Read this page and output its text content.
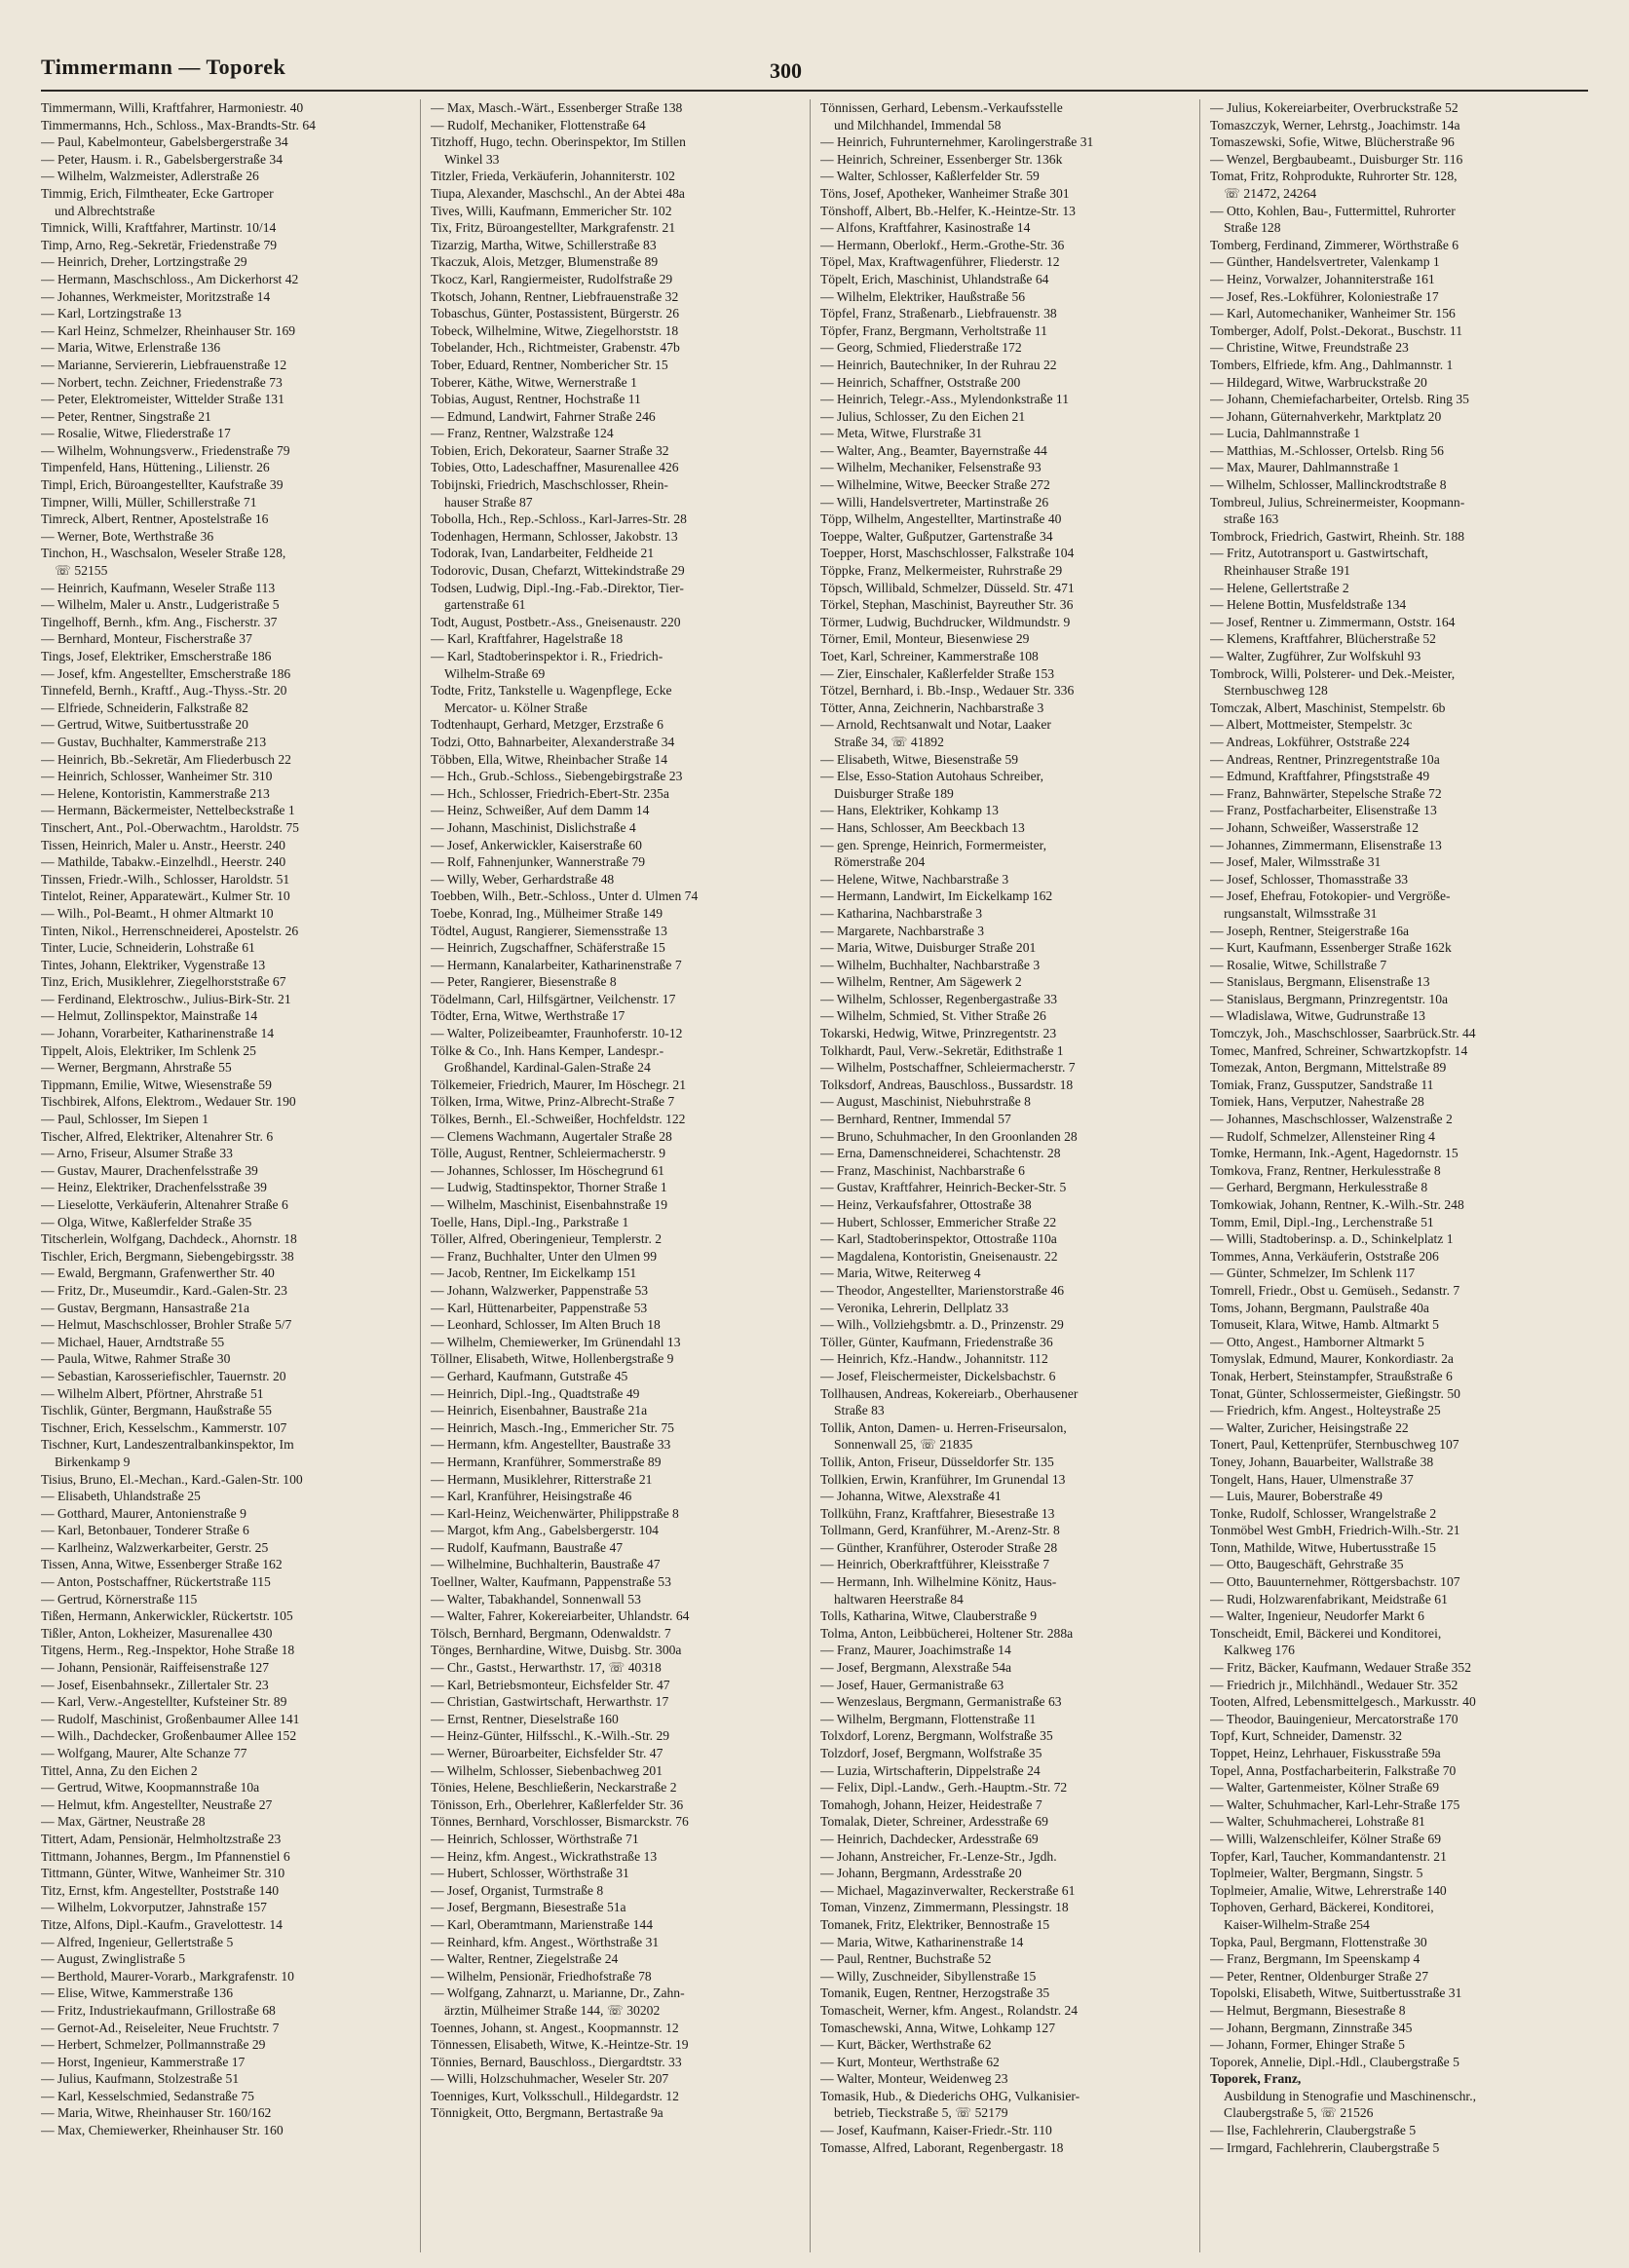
Timmermann — Toporek	300
Timmermann, Willi, Kraftfahrer, Harmoniestr. 40
Timmermanns, Hch., Schloss., Max-Brandts-Str. 64
— Paul, Kabelmonteur, Gabelsbergerstraße 34
— Peter, Hausm. i. R., Gabelsbergerstraße 34
— Wilhelm, Walzmeister, Adlerstraße 26
Timmig, Erich, Filmtheater, Ecke Gartroper
und Albrechtstraße
Timnick, Willi, Kraftfahrer, Martinstr. 10/14
Timp, Arno, Reg.-Sekretär, Friedenstraße 79
— Heinrich, Dreher, Lortzingstraße 29
— Hermann, Maschschloss., Am Dickerhorst 42
— Johannes, Werkmeister, Moritzstraße 14
— Karl, Lortzingstraße 13
— Karl Heinz, Schmelzer, Rheinhauser Str. 169
— Maria, Witwe, Erlenstraße 136
— Marianne, Serviererin, Liebfrauenstraße 12
— Norbert, techn. Zeichner, Friedenstraße 73
— Peter, Elektromeister, Wittelder Straße 131
— Peter, Rentner, Singstraße 21
— Rosalie, Witwe, Fliederstraße 17
— Wilhelm, Wohnungsverw., Friedenstraße 79
Timpenfeld, Hans, Hüttening., Lilienstr. 26
Timpl, Erich, Büroangestellter, Kaufstraße 39
Timpner, Willi, Müller, Schillerstraße 71
Timreck, Albert, Rentner, Apostelstraße 16
— Werner, Bote, Werthstraße 36
Tinchon, H., Waschsalon, Weseler Straße 128,
☏ 52155
— Heinrich, Kaufmann, Weseler Straße 113
— Wilhelm, Maler u. Anstr., Ludgeristraße 5
Tingelhoff, Bernh., kfm. Ang., Fischerstr. 37
— Bernhard, Monteur, Fischerstraße 37
Tings, Josef, Elektriker, Emscherstraße 186
— Josef, kfm. Angestellter, Emscherstraße 186
Tinnefeld, Bernh., Kraftf., Aug.-Thyss.-Str. 20
— Elfriede, Schneiderin, Falkstraße 82
— Gertrud, Witwe, Suitbertusstraße 20
— Gustav, Buchhalter, Kammerstraße 213
— Heinrich, Bb.-Sekretär, Am Fliederbusch 22
— Heinrich, Schlosser, Wanheimer Str. 310
— Helene, Kontoristin, Kammerstraße 213
— Hermann, Bäckermeister, Nettelbeckstraße 1
Tinschert, Ant., Pol.-Oberwachtm., Haroldstr. 75
Tissen, Heinrich, Maler u. Anstr., Heerstr. 240
— Mathilde, Tabakw.-Einzelhdl., Heerstr. 240
Tinssen, Friedr.-Wilh., Schlosser, Haroldstr. 51
Tintelot, Reiner, Apparatewärt., Kulmer Str. 10
— Wilh., Pol-Beamt., H ohmer Altmarkt 10
Tinten, Nikol., Herrenschneiderei, Apostelstr. 26
Tinter, Lucie, Schneiderin, Lohstraße 61
Tintes, Johann, Elektriker, Vygenstraße 13
Tinz, Erich, Musiklehrer, Ziegelhorststraße 67
— Ferdinand, Elektroschw., Julius-Birk-Str. 21
— Helmut, Zollinspektor, Mainstraße 14
— Johann, Vorarbeiter, Katharinenstraße 14
Tippelt, Alois, Elektriker, Im Schlenk 25
— Werner, Bergmann, Ahrstraße 55
Tippmann, Emilie, Witwe, Wiesenstraße 59
Tischbirek, Alfons, Elektrom., Wedauer Str. 190
— Paul, Schlosser, Im Siepen 1
Tischer, Alfred, Elektriker, Altenahrer Str. 6
— Arno, Friseur, Alsumer Straße 33
— Gustav, Maurer, Drachenfelsstraße 39
— Heinz, Elektriker, Drachenfelsstraße 39
— Lieselotte, Verkäuferin, Altenahrer Straße 6
— Olga, Witwe, Kaßlerfelder Straße 35
Titscherlein, Wolfgang, Dachdeck., Ahornstr. 18
Tischler, Erich, Bergmann, Siebengebirgsstr. 38
— Ewald, Bergmann, Grafenwerther Str. 40
— Fritz, Dr., Museumdir., Kard.-Galen-Str. 23
— Gustav, Bergmann, Hansastraße 21a
— Helmut, Maschschlosser, Brohler Straße 5/7
— Michael, Hauer, Arndtstraße 55
— Paula, Witwe, Rahmer Straße 30
— Sebastian, Karosseriefischler, Tauernstr. 20
— Wilhelm Albert, Pförtner, Ahrstraße 51
Tischlik, Günter, Bergmann, Haußstraße 55
Tischner, Erich, Kesselschm., Kammerstr. 107
Tischner, Kurt, Landeszentralbankinspektor, Im
Birkenkamp 9
Tisius, Bruno, El.-Mechan., Kard.-Galen-Str. 100
— Elisabeth, Uhlandstraße 25
— Gotthard, Maurer, Antonienstraße 9
— Karl, Betonbauer, Tonderer Straße 6
— Karlheinz, Walzwerkarbeiter, Gerstr. 25
Tissen, Anna, Witwe, Essenberger Straße 162
— Anton, Postschaffner, Rückertstraße 115
— Gertrud, Körnerstraße 115
Tißen, Hermann, Ankerwickler, Rückertstr. 105
Tißler, Anton, Lokheizer, Masurenallee 430
Titgens, Herm., Reg.-Inspektor, Hohe Straße 18
— Johann, Pensionär, Raiffeisenstraße 127
— Josef, Eisenbahnsekr., Zillertaler Str. 23
— Karl, Verw.-Angestellter, Kufsteiner Str. 89
— Rudolf, Maschinist, Großenbaumer Allee 141
— Wilh., Dachdecker, Großenbaumer Allee 152
— Wolfgang, Maurer, Alte Schanze 77
Tittel, Anna, Zu den Eichen 2
— Gertrud, Witwe, Koopmannstraße 10a
— Helmut, kfm. Angestellter, Neustraße 27
— Max, Gärtner, Neustraße 28
Tittert, Adam, Pensionär, Helmholtzstraße 23
Tittmann, Johannes, Bergm., Im Pfannenstiel 6
Tittmann, Günter, Witwe, Wanheimer Str. 310
Titz, Ernst, kfm. Angestellter, Poststraße 140
— Wilhelm, Lokvorputzer, Jahnstraße 157
Titze, Alfons, Dipl.-Kaufm., Gravelottestr. 14
— Alfred, Ingenieur, Gellertstraße 5
— August, Zwinglistraße 5
— Berthold, Maurer-Vorarb., Markgrafenstr. 10
— Elise, Witwe, Kammerstraße 136
— Fritz, Industriekaufmann, Grillostraße 68
— Gernot-Ad., Reiseleiter, Neue Fruchtstr. 7
— Herbert, Schmelzer, Pollmannstraße 29
— Horst, Ingenieur, Kammerstraße 17
— Julius, Kaufmann, Stolzestraße 51
— Karl, Kesselschmied, Sedanstraße 75
— Maria, Witwe, Rheinhauser Str. 160/162
— Max, Chemiewerker, Rheinhauser Str. 160
— Max, Masch.-Wärt., Essenberger Straße 138
— Rudolf, Mechaniker, Flottenstraße 64
Titzhoff, Hugo, techn. Oberinspektor, Im Stillen
Winkel 33
Titzler, Frieda, Verkäuferin, Johanniterstr. 102
Tiupa, Alexander, Maschschl., An der Abtei 48a
Tives, Willi, Kaufmann, Emmericher Str. 102
Tix, Fritz, Büroangestellter, Markgrafenstr. 21
Tizarzig, Martha, Witwe, Schillerstraße 83
Tkaczuk, Alois, Metzger, Blumenstraße 89
Tkocz, Karl, Rangiermeister, Rudolfstraße 29
Tkotsch, Johann, Rentner, Liebfrauenstraße 32
Tobaschus, Günter, Postassistent, Bürgerstr. 26
Tobeck, Wilhelmine, Witwe, Ziegelhorststr. 18
Tobelander, Hch., Richtmeister, Grabenstr. 47b
Tober, Eduard, Rentner, Nombericher Str. 15
Toberer, Käthe, Witwe, Wernerstraße 1
Tobias, August, Rentner, Hochstraße 11
— Edmund, Landwirt, Fahrner Straße 246
— Franz, Rentner, Walzstraße 124
Tobien, Erich, Dekorateur, Saarner Straße 32
Tobies, Otto, Ladeschaffner, Masurenallee 426
Tobijnski, Friedrich, Maschschlosser, Rhein-
hauser Straße 87
Tobolla, Hch., Rep.-Schloss., Karl-Jarres-Str. 28
Todenhagen, Hermann, Schlosser, Jakobstr. 13
Todorak, Ivan, Landarbeiter, Feldheide 21
Todorovic, Dusan, Chefarzt, Wittekindstraße 29
Todsen, Ludwig, Dipl.-Ing.-Fab.-Direktor, Tier-
gartenstraße 61
Todt, August, Postbetr.-Ass., Gneisenaustr. 220
— Karl, Kraftfahrer, Hagelstraße 18
— Karl, Stadtoberinspektor i. R., Friedrich-
Wilhelm-Straße 69
Todte, Fritz, Tankstelle u. Wagenpflege, Ecke
Mercator- u. Kölner Straße
Todtenhaupt, Gerhard, Metzger, Erzstraße 6
Todzi, Otto, Bahnarbeiter, Alexanderstraße 34
Többen, Ella, Witwe, Rheinbacher Straße 14
— Hch., Grub.-Schloss., Siebengebirgstraße 23
— Hch., Schlosser, Friedrich-Ebert-Str. 235a
— Heinz, Schweißer, Auf dem Damm 14
— Johann, Maschinist, Dislichstraße 4
— Josef, Ankerwickler, Kaiserstraße 60
— Rolf, Fahnenjunker, Wannerstraße 79
— Willy, Weber, Gerhardstraße 48
Toebben, Wilh., Betr.-Schloss., Unter d. Ulmen 74
Toebe, Konrad, Ing., Mülheimer Straße 149
Tödtel, August, Rangierer, Siemensstraße 13
— Heinrich, Zugschaffner, Schäferstraße 15
— Hermann, Kanalarbeiter, Katharinenstraße 7
— Peter, Rangierer, Biesenstraße 8
Tödelmann, Carl, Hilfsgärtner, Veilchenstr. 17
Tödter, Erna, Witwe, Werthstraße 17
— Walter, Polizeibeamter, Fraunhoferstr. 10-12
Tölke & Co., Inh. Hans Kemper, Landespr.-
Großhandel, Kardinal-Galen-Straße 24
Tölkemeier, Friedrich, Maurer, Im Höschegr. 21
Tölken, Irma, Witwe, Prinz-Albrecht-Straße 7
Tölkes, Bernh., El.-Schweißer, Hochfeldstr. 122
— Clemens Wachmann, Augertaler Straße 28
Tölle, August, Rentner, Schleiermacherstr. 9
— Johannes, Schlosser, Im Höschegrund 61
— Ludwig, Stadtinspektor, Thorner Straße 1
— Wilhelm, Maschinist, Eisenbahnstraße 19
Toelle, Hans, Dipl.-Ing., Parkstraße 1
Töller, Alfred, Oberingenieur, Templerstr. 2
— Franz, Buchhalter, Unter den Ulmen 99
— Jacob, Rentner, Im Eickelkamp 151
— Johann, Walzwerker, Pappenstraße 53
— Karl, Hüttenarbeiter, Pappenstraße 53
— Leonhard, Schlosser, Im Alten Bruch 18
— Wilhelm, Chemiewerker, Im Grünendahl 13
Töllner, Elisabeth, Witwe, Hollenbergstraße 9
— Gerhard, Kaufmann, Gutstraße 45
— Heinrich, Dipl.-Ing., Quadtstraße 49
— Heinrich, Eisenbahner, Baustraße 21a
— Heinrich, Masch.-Ing., Emmericher Str. 75
— Hermann, kfm. Angestellter, Baustraße 33
— Hermann, Kranführer, Sommerstraße 89
— Hermann, Musiklehrer, Ritterstraße 21
— Karl, Kranführer, Heisingstraße 46
— Karl-Heinz, Weichenwärter, Philippstraße 8
— Margot, kfm Ang., Gabelsbergerstr. 104
— Rudolf, Kaufmann, Baustraße 47
— Wilhelmine, Buchhalterin, Baustraße 47
Toellner, Walter, Kaufmann, Pappenstraße 53
— Walter, Tabakhandel, Sonnenwall 53
— Walter, Fahrer, Kokereiarbeiter, Uhlandstr. 64
Tölsch, Bernhard, Bergmann, Odenwaldstr. 7
Tönges, Bernhardine, Witwe, Duisbg. Str. 300a
— Chr., Gastst., Herwarthstr. 17, ☏ 40318
— Karl, Betriebsmonteur, Eichsfelder Str. 47
— Christian, Gastwirtschaft, Herwarthstr. 17
— Ernst, Rentner, Dieselstraße 160
— Heinz-Günter, Hilfsschl., K.-Wilh.-Str. 29
— Werner, Büroarbeiter, Eichsfelder Str. 47
— Wilhelm, Schlosser, Siebenbachweg 201
Tönies, Helene, Beschließerin, Neckarstraße 2
Tönisson, Erh., Oberlehrer, Kaßlerfelder Str. 36
Tönnes, Bernhard, Vorschlosser, Bismarckstr. 76
— Heinrich, Schlosser, Wörthstraße 71
— Heinz, kfm. Angest., Wickrathstraße 13
— Hubert, Schlosser, Wörthstraße 31
— Josef, Organist, Turmstraße 8
— Josef, Bergmann, Biesestraße 51a
— Karl, Oberamtmann, Marienstraße 144
— Reinhard, kfm. Angest., Wörthstraße 31
— Walter, Rentner, Ziegelstraße 24
— Wilhelm, Pensionär, Friedhofstraße 78
— Wolfgang, Zahnarzt, u. Marianne, Dr., Zahn-
ärztin, Mülheimer Straße 144, ☏ 30202
Toennes, Johann, st. Angest., Koopmannstr. 12
Tönnessen, Elisabeth, Witwe, K.-Heintze-Str. 19
Tönnies, Bernard, Bauschloss., Diergardtstr. 33
— Willi, Holzschuhmacher, Weseler Str. 207
Toenniges, Kurt, Volksschull., Hildegardstr. 12
Tönnigkeit, Otto, Bergmann, Bertastraße 9a
Tönnissen, Gerhard, Lebensm.-Verkaufsstelle
und Milchhandel, Immendal 58
— Heinrich, Fuhrunternehmer, Karolingerstraße 31
— Heinrich, Schreiner, Essenberger Str. 136k
— Walter, Schlosser, Kaßlerfelder Str. 59
Töns, Josef, Apotheker, Wanheimer Straße 301
Tönshoff, Albert, Bb.-Helfer, K.-Heintze-Str. 13
— Alfons, Kraftfahrer, Kasinostraße 14
— Hermann, Oberlokf., Herm.-Grothe-Str. 36
Töpel, Max, Kraftwagenführer, Fliederstr. 12
Töpelt, Erich, Maschinist, Uhlandstraße 64
— Wilhelm, Elektriker, Haußstraße 56
Töpfel, Franz, Straßenarb., Liebfrauenstr. 38
Töpfer, Franz, Bergmann, Verholtstraße 11
— Georg, Schmied, Fliederstraße 172
— Heinrich, Bautechniker, In der Ruhrau 22
— Heinrich, Schaffner, Oststraße 200
— Heinrich, Telegr.-Ass., Mylendonkstraße 11
— Julius, Schlosser, Zu den Eichen 21
— Meta, Witwe, Flurstraße 31
— Walter, Ang., Beamter, Bayernstraße 44
— Wilhelm, Mechaniker, Felsenstraße 93
— Wilhelmine, Witwe, Beecker Straße 272
— Willi, Handelsvertreter, Martinstraße 26
Töpp, Wilhelm, Angestellter, Martinstraße 40
Toeppe, Walter, Gußputzer, Gartenstraße 34
Toepper, Horst, Maschschlosser, Falkstraße 104
Töppke, Franz, Melkermeister, Ruhrstraße 29
Töpsch, Willibald, Schmelzer, Düsseld. Str. 471
Törkel, Stephan, Maschinist, Bayreuther Str. 36
Törmer, Ludwig, Buchdrucker, Wildmundstr. 9
Törner, Emil, Monteur, Biesenwiese 29
Toet, Karl, Schreiner, Kammerstraße 108
— Zier, Einschaler, Kaßlerfelder Straße 153
Tötzel, Bernhard, i. Bb.-Insp., Wedauer Str. 336
Tötter, Anna, Zeichnerin, Nachbarstraße 3
— Arnold, Rechtsanwalt und Notar, Laaker
Straße 34, ☏ 41892
— Elisabeth, Witwe, Biesenstraße 59
— Else, Esso-Station Autohaus Schreiber,
Duisburger Straße 189
— Hans, Elektriker, Kohkamp 13
— Hans, Schlosser, Am Beeckbach 13
— gen. Sprenge, Heinrich, Formermeister,
Römerstraße 204
— Helene, Witwe, Nachbarstraße 3
— Hermann, Landwirt, Im Eickelkamp 162
— Katharina, Nachbarstraße 3
— Margarete, Nachbarstraße 3
— Maria, Witwe, Duisburger Straße 201
— Wilhelm, Buchhalter, Nachbarstraße 3
— Wilhelm, Rentner, Am Sägewerk 2
— Wilhelm, Schlosser, Regenbergastraße 33
— Wilhelm, Schmied, St. Vither Straße 26
Tokarski, Hedwig, Witwe, Prinzregentstr. 23
Tolkhardt, Paul, Verw.-Sekretär, Edithstraße 1
— Wilhelm, Postschaffner, Schleiermacherstr. 7
Tolksdorf, Andreas, Bauschloss., Bussardstr. 18
— August, Maschinist, Niebuhrstraße 8
— Bernhard, Rentner, Immendal 57
— Bruno, Schuhmacher, In den Groonlanden 28
— Erna, Damenschneiderei, Schachtenstr. 28
— Franz, Maschinist, Nachbarstraße 6
— Gustav, Kraftfahrer, Heinrich-Becker-Str. 5
— Heinz, Verkaufsfahrer, Ottostraße 38
— Hubert, Schlosser, Emmericher Straße 22
— Karl, Stadtoberinspektor, Ottostraße 110a
— Magdalena, Kontoristin, Gneisenaustr. 22
— Maria, Witwe, Reiterweg 4
— Theodor, Angestellter, Marienstorstraße 46
— Veronika, Lehrerin, Dellplatz 33
— Wilh., Vollziehgsbmtr. a. D., Prinzenstr. 29
Töller, Günter, Kaufmann, Friedenstraße 36
— Heinrich, Kfz.-Handw., Johannitstr. 112
— Josef, Fleischermeister, Dickelsbachstr. 6
Tollhausen, Andreas, Kokereiarb., Oberhausener
Straße 83
Tollik, Anton, Damen- u. Herren-Friseursalon,
Sonnenwall 25, ☏ 21835
Tollik, Anton, Friseur, Düsseldorfer Str. 135
Tollkien, Erwin, Kranführer, Im Grunendal 13
— Johanna, Witwe, Alexstraße 41
Tollkühn, Franz, Kraftfahrer, Biesestraße 13
Tollmann, Gerd, Kranführer, M.-Arenz-Str. 8
— Günther, Kranführer, Osteroder Straße 28
— Heinrich, Oberkraftführer, Kleisstraße 7
— Hermann, Inh. Wilhelmine Könitz, Haus-
haltwaren Heerstraße 84
Tolls, Katharina, Witwe, Clauberstraße 9
Tolma, Anton, Leibbücherei, Holtener Str. 288a
— Franz, Maurer, Joachimstraße 14
— Josef, Bergmann, Alexstraße 54a
— Josef, Hauer, Germanistraße 63
— Wenzeslaus, Bergmann, Germanistraße 63
— Wilhelm, Bergmann, Flottenstraße 11
Tolxdorf, Lorenz, Bergmann, Wolfstraße 35
Tolzdorf, Josef, Bergmann, Wolfstraße 35
— Luzia, Wirtschafterin, Dippelstraße 24
— Felix, Dipl.-Landw., Gerh.-Hauptm.-Str. 72
Tomahogh, Johann, Heizer, Heidestraße 7
Tomalak, Dieter, Schreiner, Ardesstraße 69
— Heinrich, Dachdecker, Ardesstraße 69
— Johann, Anstreicher, Fr.-Lenze-Str., Jgdh.
— Johann, Bergmann, Ardesstraße 20
— Michael, Magazinverwalter, Reckerstraße 61
Toman, Vinzenz, Zimmermann, Plessingstr. 18
Tomanek, Fritz, Elektriker, Bennostraße 15
— Maria, Witwe, Katharinenstraße 14
— Paul, Rentner, Buchstraße 52
— Willy, Zuschneider, Sibyllenstraße 15
Tomanik, Eugen, Rentner, Herzogstraße 35
Tomascheit, Werner, kfm. Angest., Rolandstr. 24
Tomaschewski, Anna, Witwe, Lohkamp 127
— Kurt, Bäcker, Werthstraße 62
— Kurt, Monteur, Werthstraße 62
— Walter, Monteur, Weidenweg 23
Tomasik, Hub., & Diederichs OHG, Vulkanisier-
betrieb, Tieckstraße 5, ☏ 52179
— Josef, Kaufmann, Kaiser-Friedr.-Str. 110
Tomasse, Alfred, Laborant, Regenbergastr. 18
— Julius, Kokereiarbeiter, Overbruckstraße 52
Tomaszczyk, Werner, Lehrstg., Joachimstr. 14a
Tomaszewski, Sofie, Witwe, Blücherstraße 96
— Wenzel, Bergbaubeamt., Duisburger Str. 116
Tomat, Fritz, Rohprodukte, Ruhrorter Str. 128,
☏ 21472, 24264
— Otto, Kohlen, Bau-, Futtermittel, Ruhrorter
Straße 128
Tomberg, Ferdinand, Zimmerer, Wörthstraße 6
— Günther, Handelsvertreter, Valenkamp 1
— Heinz, Vorwalzer, Johanniterstraße 161
— Josef, Res.-Lokführer, Koloniestraße 17
— Karl, Automechaniker, Wanheimer Str. 156
Tomberger, Adolf, Polst.-Dekorat., Buschstr. 11
— Christine, Witwe, Freundstraße 23
Tombers, Elfriede, kfm. Ang., Dahlmannstr. 1
— Hildegard, Witwe, Warbruckstraße 20
— Johann, Chemiefacharbeiter, Ortelsb. Ring 35
— Johann, Güternahverkehr, Marktplatz 20
— Lucia, Dahlmannstraße 1
— Matthias, M.-Schlosser, Ortelsb. Ring 56
— Max, Maurer, Dahlmannstraße 1
— Wilhelm, Schlosser, Mallinckrodtstraße 8
Tombreul, Julius, Schreinermeister, Koopmann-
straße 163
Tombrock, Friedrich, Gastwirt, Rheinh. Str. 188
— Fritz, Autotransport u. Gastwirtschaft,
Rheinhauser Straße 191
— Helene, Gellertstraße 2
— Helene Bottin, Musfeldstraße 134
— Josef, Rentner u. Zimmermann, Oststr. 164
— Klemens, Kraftfahrer, Blücherstraße 52
— Walter, Zugführer, Zur Wolfskuhl 93
Tombrock, Willi, Polsterer- und Dek.-Meister,
Sternbuschweg 128
Tomczak, Albert, Maschinist, Stempelstr. 6b
— Albert, Mottmeister, Stempelstr. 3c
— Andreas, Lokführer, Oststraße 224
— Andreas, Rentner, Prinzregentstraße 10a
— Edmund, Kraftfahrer, Pfingststraße 49
— Franz, Bahnwärter, Stepelsche Straße 72
— Franz, Postfacharbeiter, Elisenstraße 13
— Johann, Schweißer, Wasserstraße 12
— Johannes, Zimmermann, Elisenstraße 13
— Josef, Maler, Wilmsstraße 31
— Josef, Schlosser, Thomasstraße 33
— Josef, Ehefrau, Fotokopier- und Vergröße-
rungsanstalt, Wilmsstraße 31
— Joseph, Rentner, Steigerstraße 16a
— Kurt, Kaufmann, Essenberger Straße 162k
— Rosalie, Witwe, Schillstraße 7
— Stanislaus, Bergmann, Elisenstraße 13
— Stanislaus, Bergmann, Prinzregentstr. 10a
— Wladislawa, Witwe, Gudrunstraße 13
Tomczyk, Joh., Maschschlosser, Saarbrück.Str. 44
Tomec, Manfred, Schreiner, Schwartzkopfstr. 14
Tomezak, Anton, Bergmann, Mittelstraße 89
Tomiak, Franz, Gussputzer, Sandstraße 11
Tomiek, Hans, Verputzer, Nahestraße 28
— Johannes, Maschschlosser, Walzenstraße 2
— Rudolf, Schmelzer, Allensteiner Ring 4
Tomke, Hermann, Ink.-Agent, Hagedornstr. 15
Tomkova, Franz, Rentner, Herkulesstraße 8
— Gerhard, Bergmann, Herkulesstraße 8
Tomkowiak, Johann, Rentner, K.-Wilh.-Str. 248
Tomm, Emil, Dipl.-Ing., Lerchenstraße 51
— Willi, Stadtoberinsp. a. D., Schinkelplatz 1
Tommes, Anna, Verkäuferin, Oststraße 206
— Günter, Schmelzer, Im Schlenk 117
Tomrell, Friedr., Obst u. Gemüseh., Sedanstr. 7
Toms, Johann, Bergmann, Paulstraße 40a
Tomuseit, Klara, Witwe, Hamb. Altmarkt 5
— Otto, Angest., Hamborner Altmarkt 5
Tomyslak, Edmund, Maurer, Konkordiastr. 2a
Tonak, Herbert, Steinstampfer, Straußstraße 6
Tonat, Günter, Schlossermeister, Gießingstr. 50
— Friedrich, kfm. Angest., Holteystraße 25
— Walter, Zuricher, Heisingstraße 22
Tonert, Paul, Kettenprüfer, Sternbuschweg 107
Toney, Johann, Bauarbeiter, Wallstraße 38
Tongelt, Hans, Hauer, Ulmenstraße 37
— Luis, Maurer, Boberstraße 49
Tonke, Rudolf, Schlosser, Wrangelstraße 2
Tonmöbel West GmbH, Friedrich-Wilh.-Str. 21
Tonn, Mathilde, Witwe, Hubertusstraße 15
— Otto, Baugeschäft, Gehrstraße 35
— Otto, Bauunternehmer, Röttgersbachstr. 107
— Rudi, Holzwarenfabrikant, Meidstraße 61
— Walter, Ingenieur, Neudorfer Markt 6
Tonscheidt, Emil, Bäckerei und Konditorei,
Kalkweg 176
— Fritz, Bäcker, Kaufmann, Wedauer Straße 352
— Friedrich jr., Milchhändl., Wedauer Str. 352
Tooten, Alfred, Lebensmittelgesch., Markusstr. 40
— Theodor, Bauingenieur, Mercatorstraße 170
Topf, Kurt, Schneider, Damenstr. 32
Toppet, Heinz, Lehrhauer, Fiskusstraße 59a
Topel, Anna, Postfacharbeiterin, Falkstraße 70
— Walter, Gartenmeister, Kölner Straße 69
— Walter, Schuhmacher, Karl-Lehr-Straße 175
— Walter, Schuhmacherei, Lohstraße 81
— Willi, Walzenschleifer, Kölner Straße 69
Topfer, Karl, Taucher, Kommandantenstr. 21
Toplmeier, Walter, Bergmann, Singstr. 5
Toplmeier, Amalie, Witwe, Lehrerstraße 140
Tophoven, Gerhard, Bäckerei, Konditorei,
Kaiser-Wilhelm-Straße 254
Topka, Paul, Bergmann, Flottenstraße 30
— Franz, Bergmann, Im Speenskamp 4
— Peter, Rentner, Oldenburger Straße 27
Topolski, Elisabeth, Witwe, Suitbertusstraße 31
— Helmut, Bergmann, Biesestraße 8
— Johann, Bergmann, Zinnstraße 345
— Johann, Former, Ehinger Straße 5
Toporek, Annelie, Dipl.-Hdl., Claubergstraße 5
Toporek, Franz,
Ausbildung in Stenografie und Maschinenschr.,
Claubergstraße 5, ☏ 21526
— Ilse, Fachlehrerin, Claubergstraße 5
— Irmgard, Fachlehrerin, Claubergstraße 5
